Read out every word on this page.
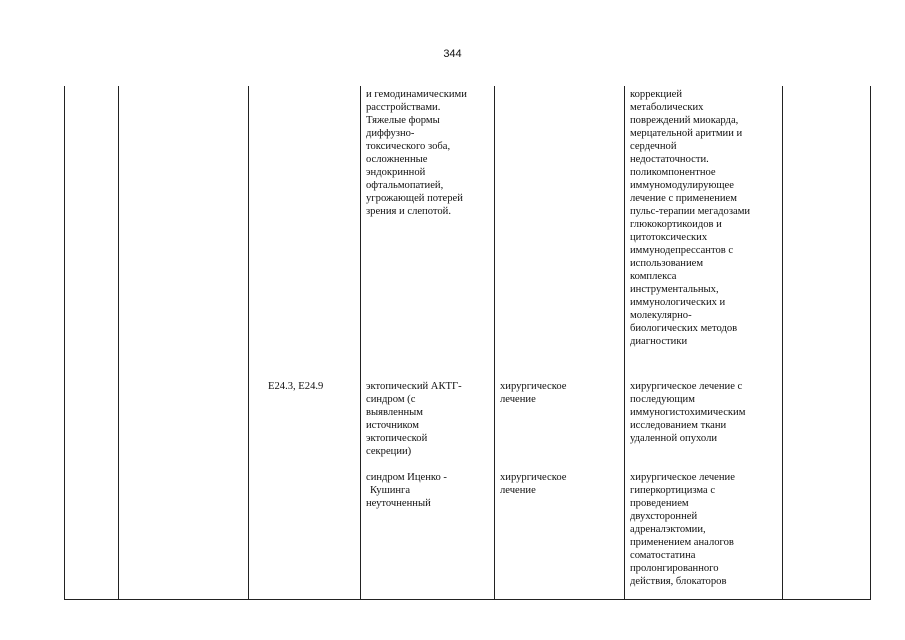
344
и гемодинамическими
расстройствами.
Тяжелые формы
диффузно-
токсического зоба,
осложненные
эндокринной
офтальмопатией,
угрожающей потерей
зрения и слепотой.
коррекцией
метаболических
повреждений миокарда,
мерцательной аритмии и
сердечной
недостаточности.
поликомпонентное
иммуномодулирующее
лечение с применением
пульс-терапии мегадозами
глюкокортикоидов и
цитотоксических
иммунодепрессантов с
использованием
комплекса
инструментальных,
иммунологических и
молекулярно-
биологических методов
диагностики
E24.3, E24.9	эктопический АКТГ-
синдром (с
выявленным
источником
эктопической
секреции)
хирургическое
лечение
хирургическое лечение с
последующим
иммуногистохимическим
исследованием ткани
удаленной опухоли
синдром Иценко -
Кушинга
неуточненный
хирургическое
лечение
хирургическое лечение
гиперкортицизма с
проведением
двухсторонней
адреналэктомии,
применением аналогов
соматостатина
пролонгированного
действия, блокаторов
